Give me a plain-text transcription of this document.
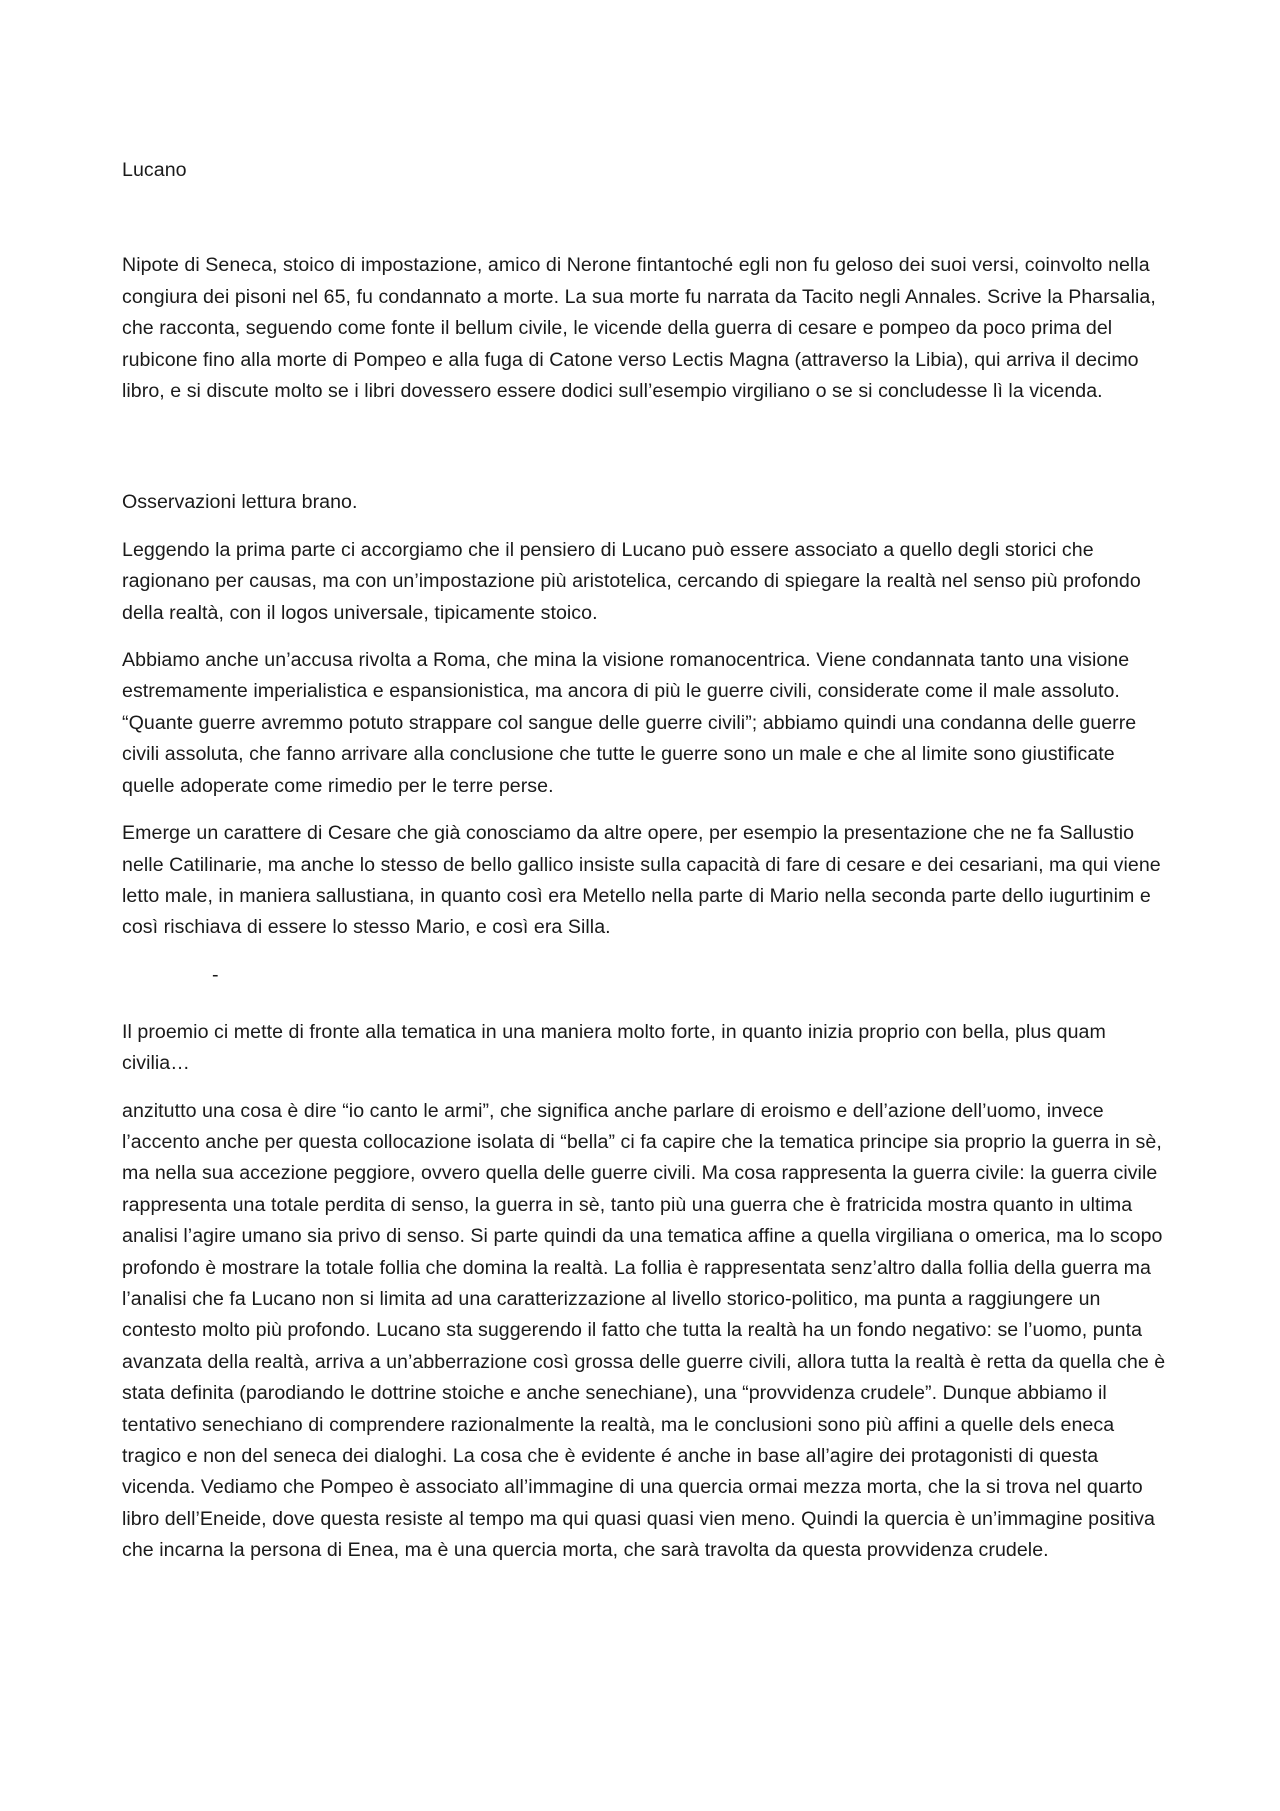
Lucano

Nipote di Seneca, stoico di impostazione, amico di Nerone fintantoché egli non fu geloso dei suoi versi, coinvolto nella congiura dei pisoni nel 65, fu condannato a morte. La sua morte fu narrata da Tacito negli Annales. Scrive la Pharsalia, che racconta, seguendo come fonte il bellum civile, le vicende della guerra di cesare e pompeo da poco prima del rubicone fino alla morte di Pompeo e alla fuga di Catone verso Lectis Magna (attraverso la Libia), qui arriva il decimo libro, e si discute molto se i libri dovessero essere dodici sull’esempio virgiliano o se si concludesse lì la vicenda.

Osservazioni lettura brano.

Leggendo la prima parte ci accorgiamo che il pensiero di Lucano può essere associato a quello degli storici che ragionano per causas, ma con un’impostazione più aristotelica, cercando di spiegare la realtà nel senso più profondo della realtà, con il logos universale, tipicamente stoico.

Abbiamo anche un’accusa rivolta a Roma, che mina la visione romanocentrica. Viene condannata tanto una visione estremamente imperialistica e espansionistica, ma ancora di più le guerre civili, considerate come il male assoluto. “Quante guerre avremmo potuto strappare col sangue delle guerre civili”; abbiamo quindi una condanna delle guerre civili assoluta, che fanno arrivare alla conclusione che tutte le guerre sono un male e che al limite sono giustificate quelle adoperate come rimedio per le terre perse.

Emerge un carattere di Cesare che già conosciamo da altre opere, per esempio la presentazione che ne fa Sallustio nelle Catilinarie, ma anche lo stesso de bello gallico insiste sulla capacità di fare di cesare e dei cesariani, ma qui viene letto male, in maniera sallustiana, in quanto così era Metello nella parte di Mario nella seconda parte dello iugurtinim e così rischiava di essere lo stesso Mario, e così era Silla.

-

Il proemio ci mette di fronte alla tematica in una maniera molto forte, in quanto inizia proprio con bella, plus quam civilia…

anzitutto una cosa è dire “io canto le armi”, che significa anche parlare di eroismo e dell’azione dell’uomo, invece l’accento anche per questa collocazione isolata di “bella” ci fa capire che la tematica principe sia proprio la guerra in sè, ma nella sua accezione peggiore, ovvero quella delle guerre civili. Ma cosa rappresenta la guerra civile: la guerra civile rappresenta una totale perdita di senso, la guerra in sè, tanto più una guerra che è fratricida mostra quanto in ultima analisi l’agire umano sia privo di senso. Si parte quindi da una tematica affine a quella virgiliana o omerica, ma lo scopo profondo è mostrare la totale follia che domina la realtà. La follia è rappresentata senz’altro dalla follia della guerra ma l’analisi che fa Lucano non si limita ad una caratterizzazione al livello storico-politico, ma punta a raggiungere un contesto molto più profondo. Lucano sta suggerendo il fatto che tutta la realtà ha un fondo negativo: se l’uomo, punta avanzata della realtà, arriva a un’abberrazione così grossa delle guerre civili, allora tutta la realtà è retta da quella che è stata definita (parodiando le dottrine stoiche e anche senechiane), una “provvidenza crudele”. Dunque abbiamo il tentativo senechiano di comprendere razionalmente la realtà, ma le conclusioni sono più affini a quelle dels eneca tragico e non del seneca dei dialoghi. La cosa che è evidente é anche in base all’agire dei protagonisti di questa vicenda. Vediamo che Pompeo è associato all’immagine di una quercia ormai mezza morta, che la si trova nel quarto libro dell’Eneide, dove questa resiste al tempo ma qui quasi quasi vien meno. Quindi la quercia è un’immagine positiva che incarna la persona di Enea, ma è una quercia morta, che sarà travolta da questa provvidenza crudele.
